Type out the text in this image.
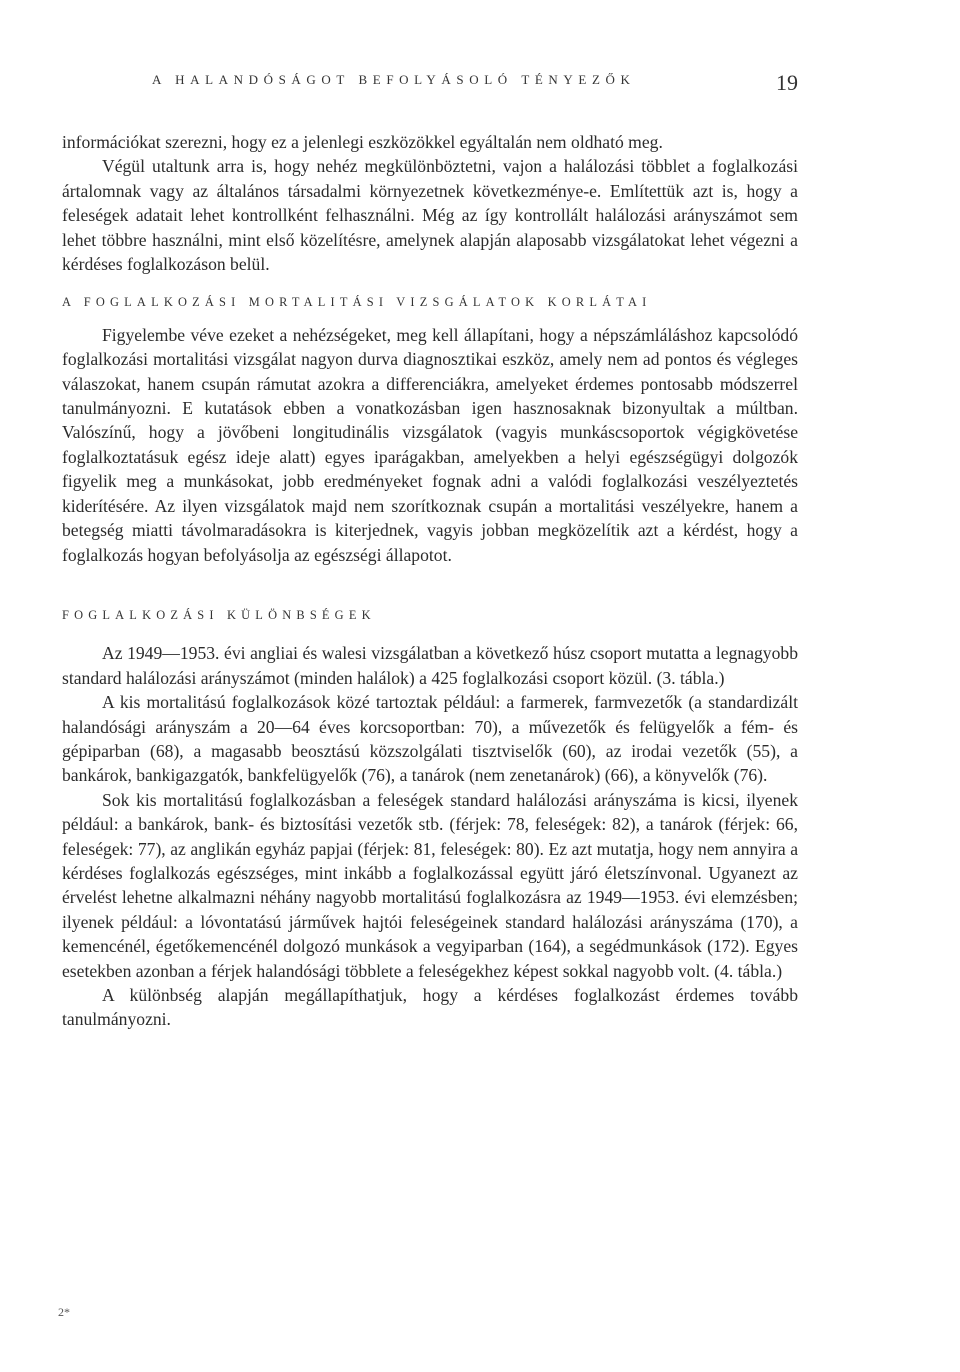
A HALANDÓSÁGOT BEFOLYÁSOLÓ TÉNYEZŐK	19

információkat szerezni, hogy ez a jelenlegi eszközökkel egyáltalán nem oldható meg.

Végül utaltunk arra is, hogy nehéz megkülönböztetni, vajon a halálozási többlet a foglalkozási ártalomnak vagy az általános társadalmi környezetnek következménye-e. Említettük azt is, hogy a feleségek adatait lehet kontrollként felhasználni. Még az így kontrollált halálozási arányszámot sem lehet többre használni, mint első közelítésre, amelynek alapján alaposabb vizsgálatokat lehet végezni a kérdéses foglalkozáson belül.

A FOGLALKOZÁSI MORTALITÁSI VIZSGÁLATOK KORLÁTAI

Figyelembe véve ezeket a nehézségeket, meg kell állapítani, hogy a népszámláláshoz kapcsolódó foglalkozási mortalitási vizsgálat nagyon durva diagnosztikai eszköz, amely nem ad pontos és végleges válaszokat, hanem csupán rámutat azokra a differenciákra, amelyeket érdemes pontosabb módszerrel tanulmányozni. E kutatások ebben a vonatkozásban igen hasznosaknak bizonyultak a múltban. Valószínű, hogy a jövőbeni longitudinális vizsgálatok (vagyis munkáscsoportok végigkövetése foglalkoztatásuk egész ideje alatt) egyes iparágakban, amelyekben a helyi egészségügyi dolgozók figyelik meg a munkásokat, jobb eredményeket fognak adni a valódi foglalkozási veszélyeztetés kiderítésére. Az ilyen vizsgálatok majd nem szorítkoznak csupán a mortalitási veszélyekre, hanem a betegség miatti távolmaradásokra is kiterjednek, vagyis jobban megközelítik azt a kérdést, hogy a foglalkozás hogyan befolyásolja az egészségi állapotot.

FOGLALKOZÁSI KÜLÖNBSÉGEK

Az 1949—1953. évi angliai és walesi vizsgálatban a következő húsz csoport mutatta a legnagyobb standard halálozási arányszámot (minden halálok) a 425 foglalkozási csoport közül. (3. tábla.)

A kis mortalitású foglalkozások közé tartoztak például: a farmerek, farmvezetők (a standardizált halandósági arányszám a 20—64 éves korcsoportban: 70), a művezetők és felügyelők a fém- és gépiparban (68), a magasabb beosztású közszolgálati tisztviselők (60), az irodai vezetők (55), a bankárok, bankigazgatók, bankfelügyelők (76), a tanárok (nem zenetanárok) (66), a könyvelők (76).

Sok kis mortalitású foglalkozásban a feleségek standard halálozási arányszáma is kicsi, ilyenek például: a bankárok, bank- és biztosítási vezetők stb. (férjek: 78, feleségek: 82), a tanárok (férjek: 66, feleségek: 77), az anglikán egyház papjai (férjek: 81, feleségek: 80). Ez azt mutatja, hogy nem annyira a kérdéses foglalkozás egészséges, mint inkább a foglalkozással együtt járó életszínvonal. Ugyanezt az érvelést lehetne alkalmazni néhány nagyobb mortalitású foglalkozásra az 1949—1953. évi elemzésben; ilyenek például: a lóvontatású járművek hajtói feleségeinek standard halálozási arányszáma (170), a kemencénél, égetőkemencénél dolgozó munkások a vegyiparban (164), a segédmunkások (172). Egyes esetekben azonban a férjek halandósági többlete a feleségekhez képest sokkal nagyobb volt. (4. tábla.)

A különbség alapján megállapíthatjuk, hogy a kérdéses foglalkozást érdemes tovább tanulmányozni.

2*
